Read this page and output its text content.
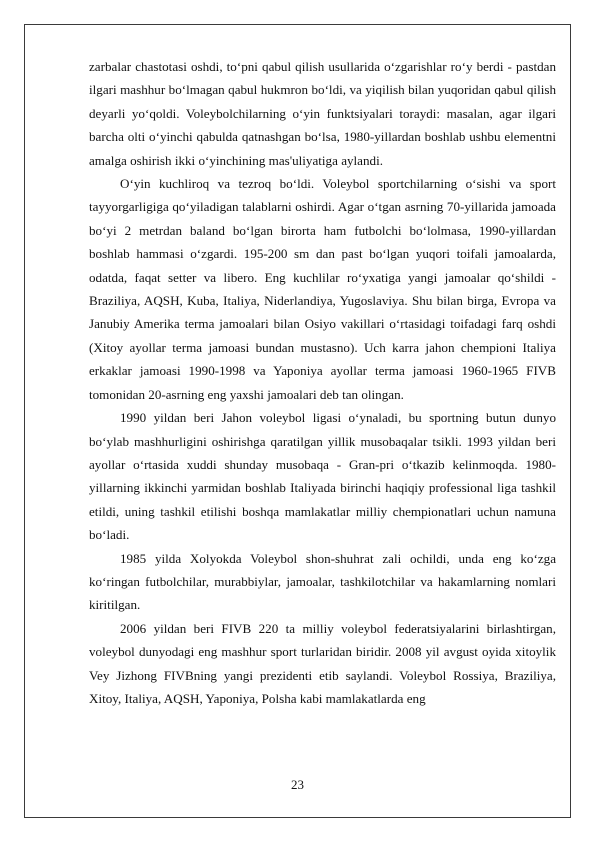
zarbalar chastotasi oshdi, to‘pni qabul qilish usullarida o‘zgarishlar ro‘y berdi - pastdan ilgari mashhur bo‘lmagan qabul hukmron bo‘ldi, va yiqilish bilan yuqoridan qabul qilish deyarli yo‘qoldi. Voleybolchilarning o‘yin funktsiyalari toraydi: masalan, agar ilgari barcha olti o‘yinchi qabulda qatnashgan bo‘lsa, 1980-yillardan boshlab ushbu elementni amalga oshirish ikki o‘yinchining mas'uliyatiga aylandi.

O‘yin kuchliroq va tezroq bo‘ldi. Voleybol sportchilarning o‘sishi va sport tayyorgarligiga qo‘yiladigan talablarni oshirdi. Agar o‘tgan asrning 70-yillarida jamoada bo‘yi 2 metrdan baland bo‘lgan birorta ham futbolchi bo‘lolmasa, 1990-yillardan boshlab hammasi o‘zgardi. 195-200 sm dan past bo‘lgan yuqori toifali jamoalarda, odatda, faqat setter va libero. Eng kuchlilar ro‘yxatiga yangi jamoalar qo‘shildi - Braziliya, AQSH, Kuba, Italiya, Niderlandiya, Yugoslaviya. Shu bilan birga, Evropa va Janubiy Amerika terma jamoalari bilan Osiyo vakillari o‘rtasidagi toifadagi farq oshdi (Xitoy ayollar terma jamoasi bundan mustasno). Uch karra jahon chempioni Italiya erkaklar jamoasi 1990-1998 va Yaponiya ayollar terma jamoasi 1960-1965 FIVB tomonidan 20-asrning eng yaxshi jamoalari deb tan olingan.

1990 yildan beri Jahon voleybol ligasi o‘ynaladi, bu sportning butun dunyo bo‘ylab mashhurligini oshirishga qaratilgan yillik musobaqalar tsikli. 1993 yildan beri ayollar o‘rtasida xuddi shunday musobaqa - Gran-pri o‘tkazib kelinmoqda. 1980-yillarning ikkinchi yarmidan boshlab Italiyada birinchi haqiqiy professional liga tashkil etildi, uning tashkil etilishi boshqa mamlakatlar milliy chempionatlari uchun namuna bo‘ladi.

1985 yilda Xolyokda Voleybol shon-shuhrat zali ochildi, unda eng ko‘zga ko‘ringan futbolchilar, murabbiylar, jamoalar, tashkilotchilar va hakamlarning nomlari kiritilgan.

2006 yildan beri FIVB 220 ta milliy voleybol federatsiyalarini birlashtirgan, voleybol dunyodagi eng mashhur sport turlaridan biridir. 2008 yil avgust oyida xitoylik Vey Jizhong FIVBning yangi prezidenti etib saylandi. Voleybol Rossiya, Braziliya, Xitoy, Italiya, AQSH, Yaponiya, Polsha kabi mamlakatlarda eng

23
